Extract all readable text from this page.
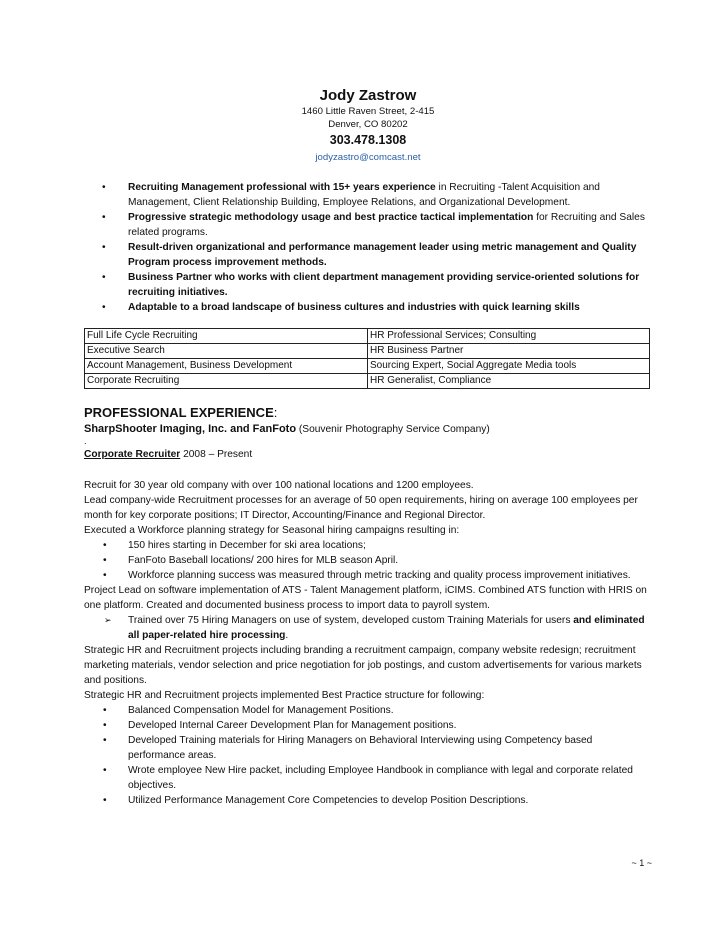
Jody Zastrow
1460 Little Raven Street, 2-415
Denver, CO 80202
303.478.1308
jodyzastro@comcast.net
• Recruiting Management professional with 15+ years experience in Recruiting -Talent Acquisition and Management, Client Relationship Building, Employee Relations, and Organizational Development.
• Progressive strategic methodology usage and best practice tactical implementation for Recruiting and Sales related programs.
• Result-driven organizational and performance management leader using metric management and Quality Program process improvement methods.
• Business Partner who works with client department management providing service-oriented solutions for recruiting initiatives.
• Adaptable to a broad landscape of business cultures and industries with quick learning skills
Full Life Cycle Recruiting	HR Professional Services; Consulting
Executive Search	HR Business Partner
Account Management, Business Development	Sourcing Expert, Social Aggregate Media tools
Corporate Recruiting	HR Generalist, Compliance
PROFESSIONAL EXPERIENCE:
SharpShooter Imaging, Inc. and FanFoto (Souvenir Photography Service Company)
.
Corporate Recruiter 2008 – Present

Recruit for 30 year old company with over 100 national locations and 1200 employees.

Lead company-wide Recruitment processes for an average of 50 open requirements, hiring on average 100 employees per month for key corporate positions; IT Director, Accounting/Finance and Regional Director.

Executed a Workforce planning strategy for Seasonal hiring campaigns resulting in:

• 150 hires starting in December for ski area locations;
• FanFoto Baseball locations/ 200 hires for MLB season April.
• Workforce planning success was measured through metric tracking and quality process improvement initiatives.

Project Lead on software implementation of ATS - Talent Management platform, iCIMS. Combined ATS function with HRIS on one platform. Created and documented business process to import data to payroll system.

➢ Trained over 75 Hiring Managers on use of system, developed custom Training Materials for users and eliminated all paper-related hire processing.

Strategic HR and Recruitment projects including branding a recruitment campaign, company website redesign; recruitment marketing materials, vendor selection and price negotiation for job postings, and custom advertisements for various markets and positions.

Strategic HR and Recruitment projects implemented Best Practice structure for following:

• Balanced Compensation Model for Management Positions.
• Developed Internal Career Development Plan for Management positions.
• Developed Training materials for Hiring Managers on Behavioral Interviewing using Competency based performance areas.
• Wrote employee New Hire packet, including Employee Handbook in compliance with legal and corporate related objectives.
• Utilized Performance Management Core Competencies to develop Position Descriptions.
~ 1 ~
